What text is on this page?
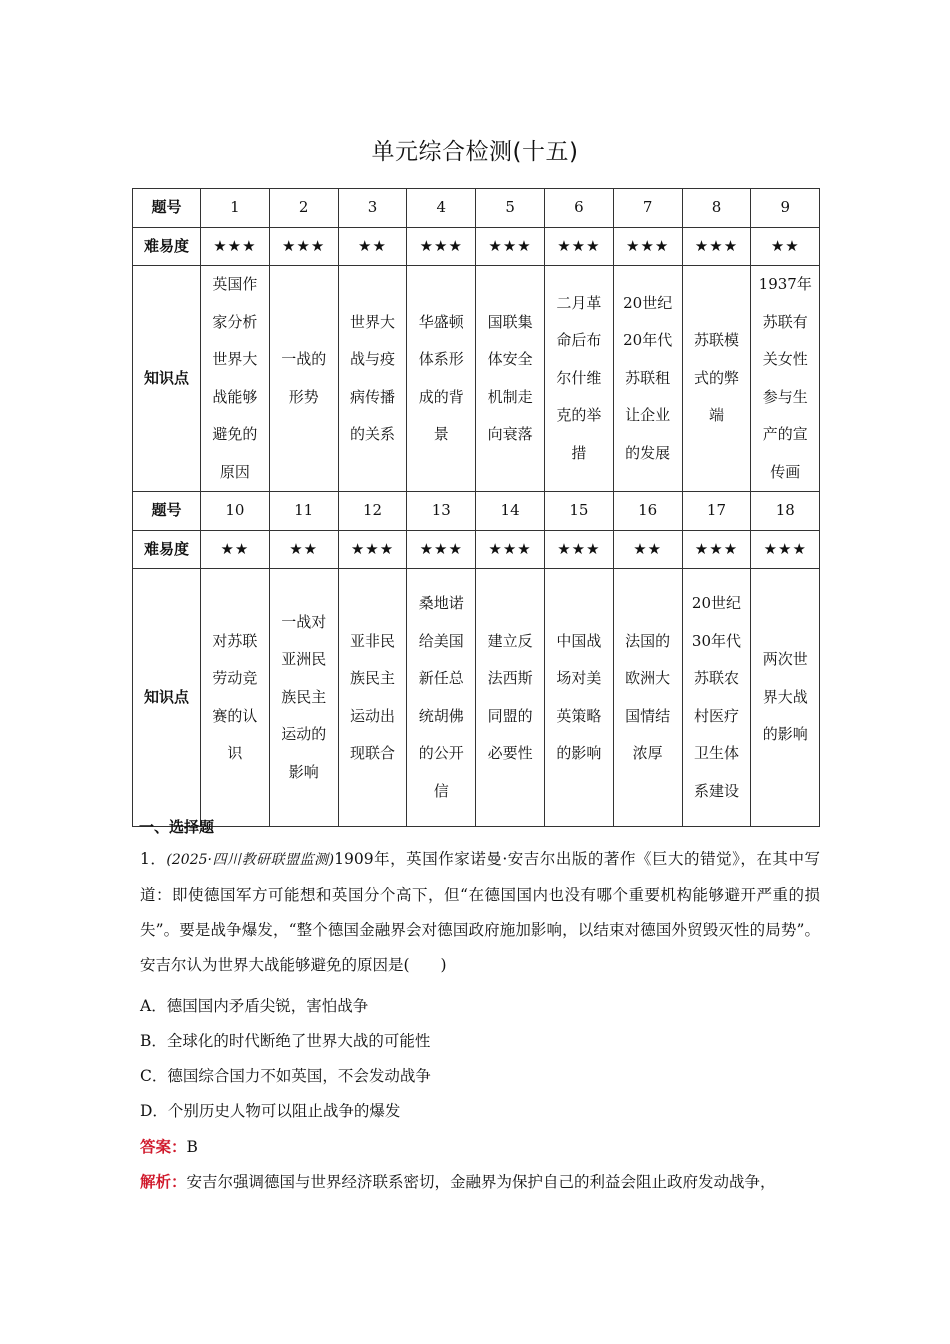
单元综合检测(十五)
题号	1	2	3	4	5	6	7	8	9
难易度	★★★	★★★	★★	★★★	★★★	★★★	★★★	★★★	★★
知识点	英国作家分析世界大战能够避免的原因	一战的形势	世界大战与疫病传播的关系	华盛顿体系形成的背景	国联集体安全机制走向衰落	二月革命后布尔什维克的举措	20世纪20年代苏联租让企业的发展	苏联模式的弊端	1937年苏联有关女性参与生产的宣传画
题号	10	11	12	13	14	15	16	17	18
难易度	★★	★★	★★★	★★★	★★★	★★★	★★	★★★	★★★
知识点	对苏联劳动竞赛的认识	一战对亚洲民族民主运动的影响	亚非民族民主运动出现联合	桑地诺给美国新任总统胡佛的公开信	建立反法西斯同盟的必要性	中国战场对美英策略的影响	法国的欧洲大国情结浓厚	20世纪30年代苏联农村医疗卫生体系建设	两次世界大战的影响
一、选择题
1．(2025·四川教研联盟监测)1909年，英国作家诺曼·安吉尔出版的著作《巨大的错觉》，在其中写道：即使德国军方可能想和英国分个高下，但“在德国国内也没有哪个重要机构能够避开严重的损失”。要是战争爆发，“整个德国金融界会对德国政府施加影响，以结束对德国外贸毁灭性的局势”。安吉尔认为世界大战能够避免的原因是(　　)
A．德国国内矛盾尖锐，害怕战争
B．全球化的时代断绝了世界大战的可能性
C．德国综合国力不如英国，不会发动战争
D．个别历史人物可以阻止战争的爆发
答案：B
解析：安吉尔强调德国与世界经济联系密切，金融界为保护自己的利益会阻止政府发动战争，
